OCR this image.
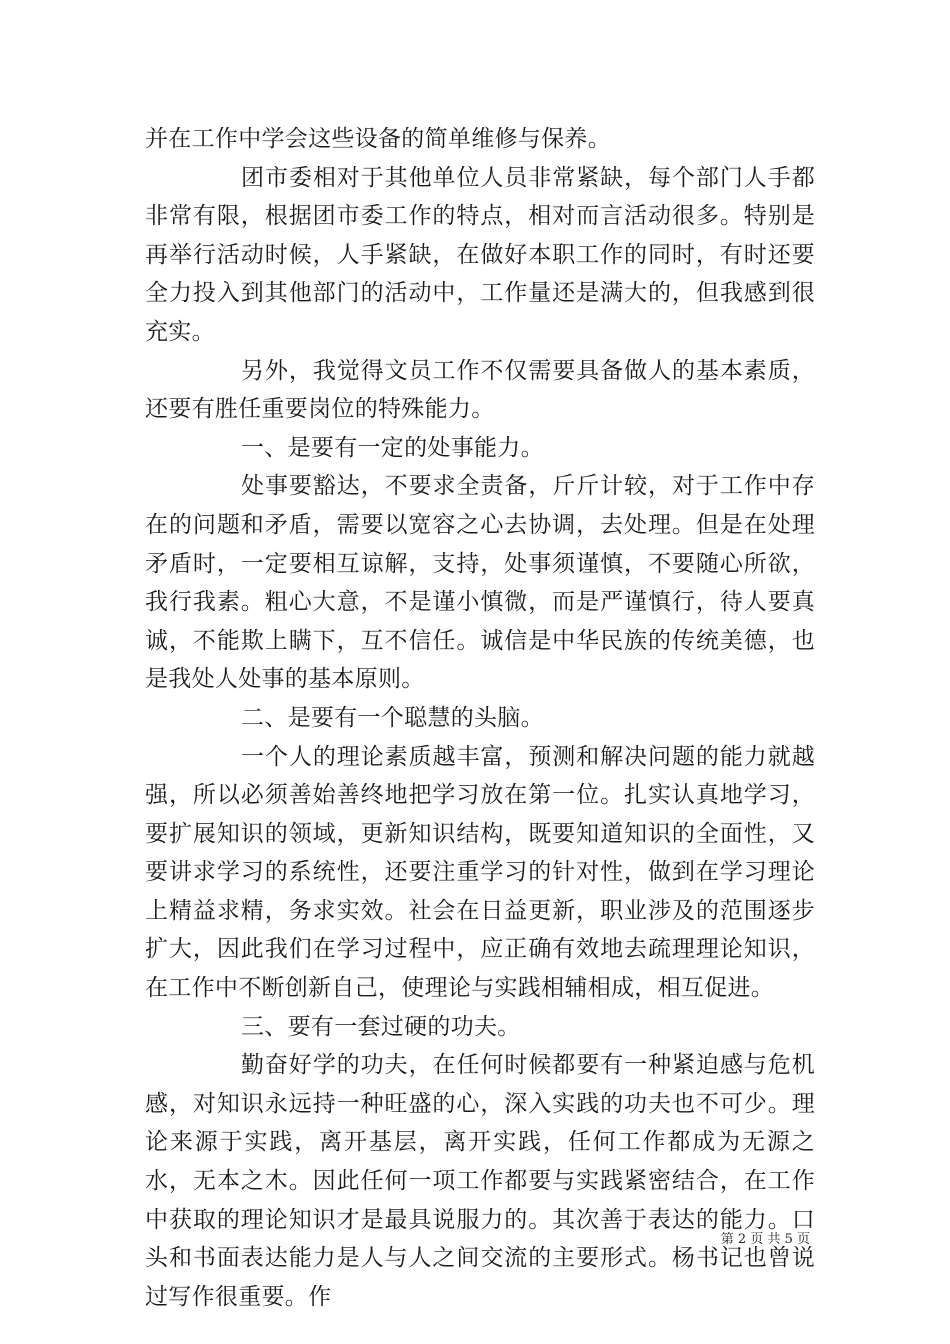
并在工作中学会这些设备的简单维修与保养。

团市委相对于其他单位人员非常紧缺，每个部门人手都非常有限，根据团市委工作的特点，相对而言活动很多。特别是再举行活动时候，人手紧缺，在做好本职工作的同时，有时还要全力投入到其他部门的活动中，工作量还是满大的，但我感到很充实。

另外，我觉得文员工作不仅需要具备做人的基本素质，还要有胜任重要岗位的特殊能力。

一、是要有一定的处事能力。

处事要豁达，不要求全责备，斤斤计较，对于工作中存在的问题和矛盾，需要以宽容之心去协调，去处理。但是在处理矛盾时，一定要相互谅解，支持，处事须谨慎，不要随心所欲，我行我素。粗心大意，不是谨小慎微，而是严谨慎行，待人要真诚，不能欺上瞒下，互不信任。诚信是中华民族的传统美德，也是我处人处事的基本原则。

二、是要有一个聪慧的头脑。

一个人的理论素质越丰富，预测和解决问题的能力就越强，所以必须善始善终地把学习放在第一位。扎实认真地学习，要扩展知识的领域，更新知识结构，既要知道知识的全面性，又要讲求学习的系统性，还要注重学习的针对性，做到在学习理论上精益求精，务求实效。社会在日益更新，职业涉及的范围逐步扩大，因此我们在学习过程中，应正确有效地去疏理理论知识，在工作中不断创新自己，使理论与实践相辅相成，相互促进。

三、要有一套过硬的功夫。

勤奋好学的功夫，在任何时候都要有一种紧迫感与危机感，对知识永远持一种旺盛的心，深入实践的功夫也不可少。理论来源于实践，离开基层，离开实践，任何工作都成为无源之水，无本之木。因此任何一项工作都要与实践紧密结合，在工作中获取的理论知识才是最具说服力的。其次善于表达的能力。口头和书面表达能力是人与人之间交流的主要形式。杨书记也曾说过写作很重要。作

第 2 页 共 5 页
